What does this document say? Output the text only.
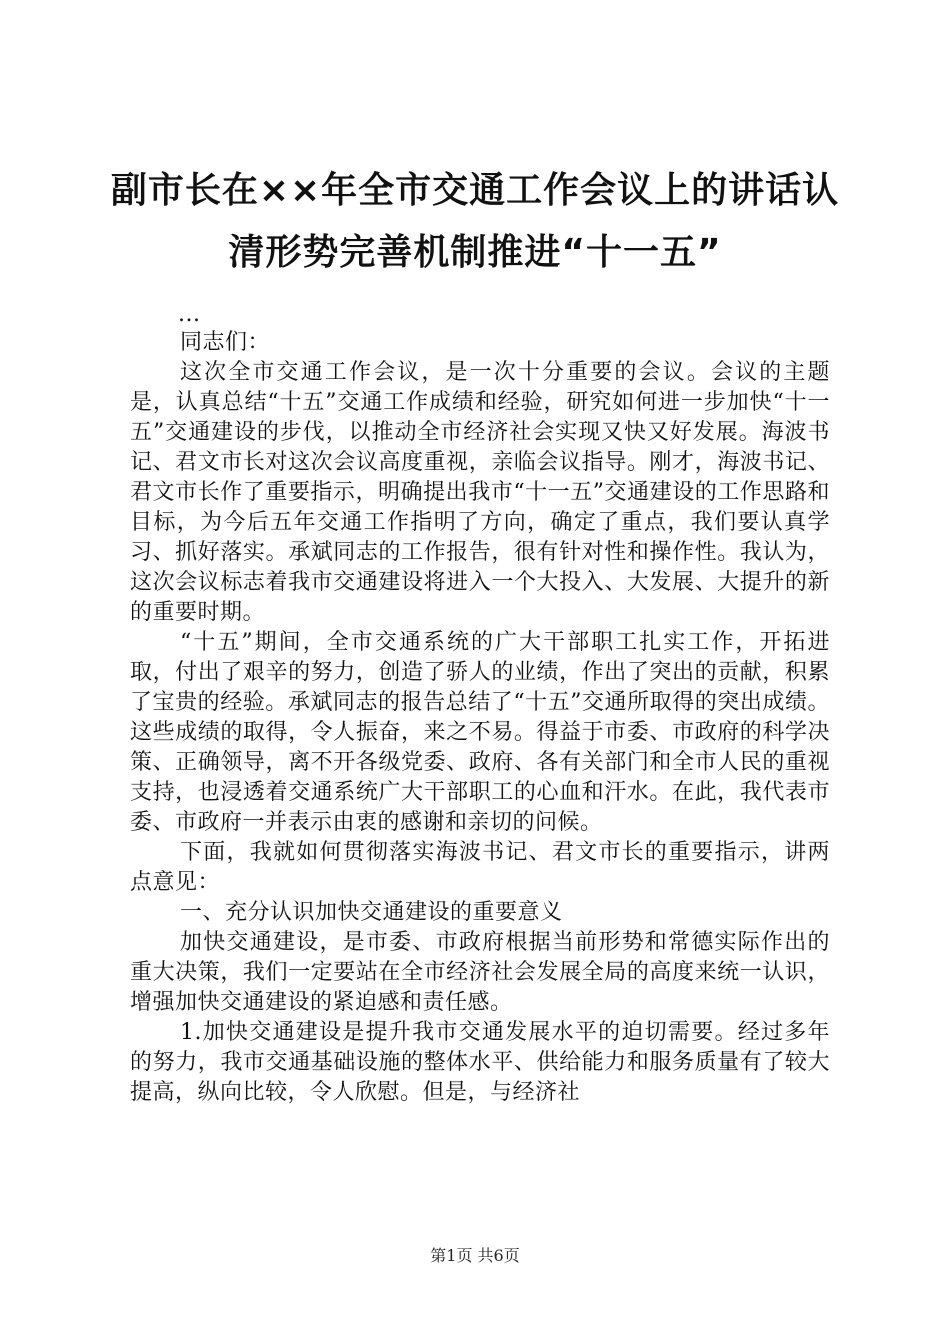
副市长在××年全市交通工作会议上的讲话认
清形势完善机制推进“十一五”

...

同志们：

这次全市交通工作会议，是一次十分重要的会议。会议的主题是，认真总结“十五”交通工作成绩和经验，研究如何进一步加快“十一五”交通建设的步伐，以推动全市经济社会实现又快又好发展。海波书记、君文市长对这次会议高度重视，亲临会议指导。刚才，海波书记、君文市长作了重要指示，明确提出我市“十一五”交通建设的工作思路和目标，为今后五年交通工作指明了方向，确定了重点，我们要认真学习、抓好落实。承斌同志的工作报告，很有针对性和操作性。我认为，这次会议标志着我市交通建设将进入一个大投入、大发展、大提升的新的重要时期。

“十五”期间，全市交通系统的广大干部职工扎实工作，开拓进取，付出了艰辛的努力，创造了骄人的业绩，作出了突出的贡献，积累了宝贵的经验。承斌同志的报告总结了“十五”交通所取得的突出成绩。这些成绩的取得，令人振奋，来之不易。得益于市委、市政府的科学决策、正确领导，离不开各级党委、政府、各有关部门和全市人民的重视支持，也浸透着交通系统广大干部职工的心血和汗水。在此，我代表市委、市政府一并表示由衷的感谢和亲切的问候。

下面，我就如何贯彻落实海波书记、君文市长的重要指示，讲两点意见：

一、充分认识加快交通建设的重要意义

加快交通建设，是市委、市政府根据当前形势和常德实际作出的重大决策，我们一定要站在全市经济社会发展全局的高度来统一认识，增强加快交通建设的紧迫感和责任感。

1.加快交通建设是提升我市交通发展水平的迫切需要。经过多年的努力，我市交通基础设施的整体水平、供给能力和服务质量有了较大提高，纵向比较，令人欣慰。但是，与经济社

第1页 共6页
